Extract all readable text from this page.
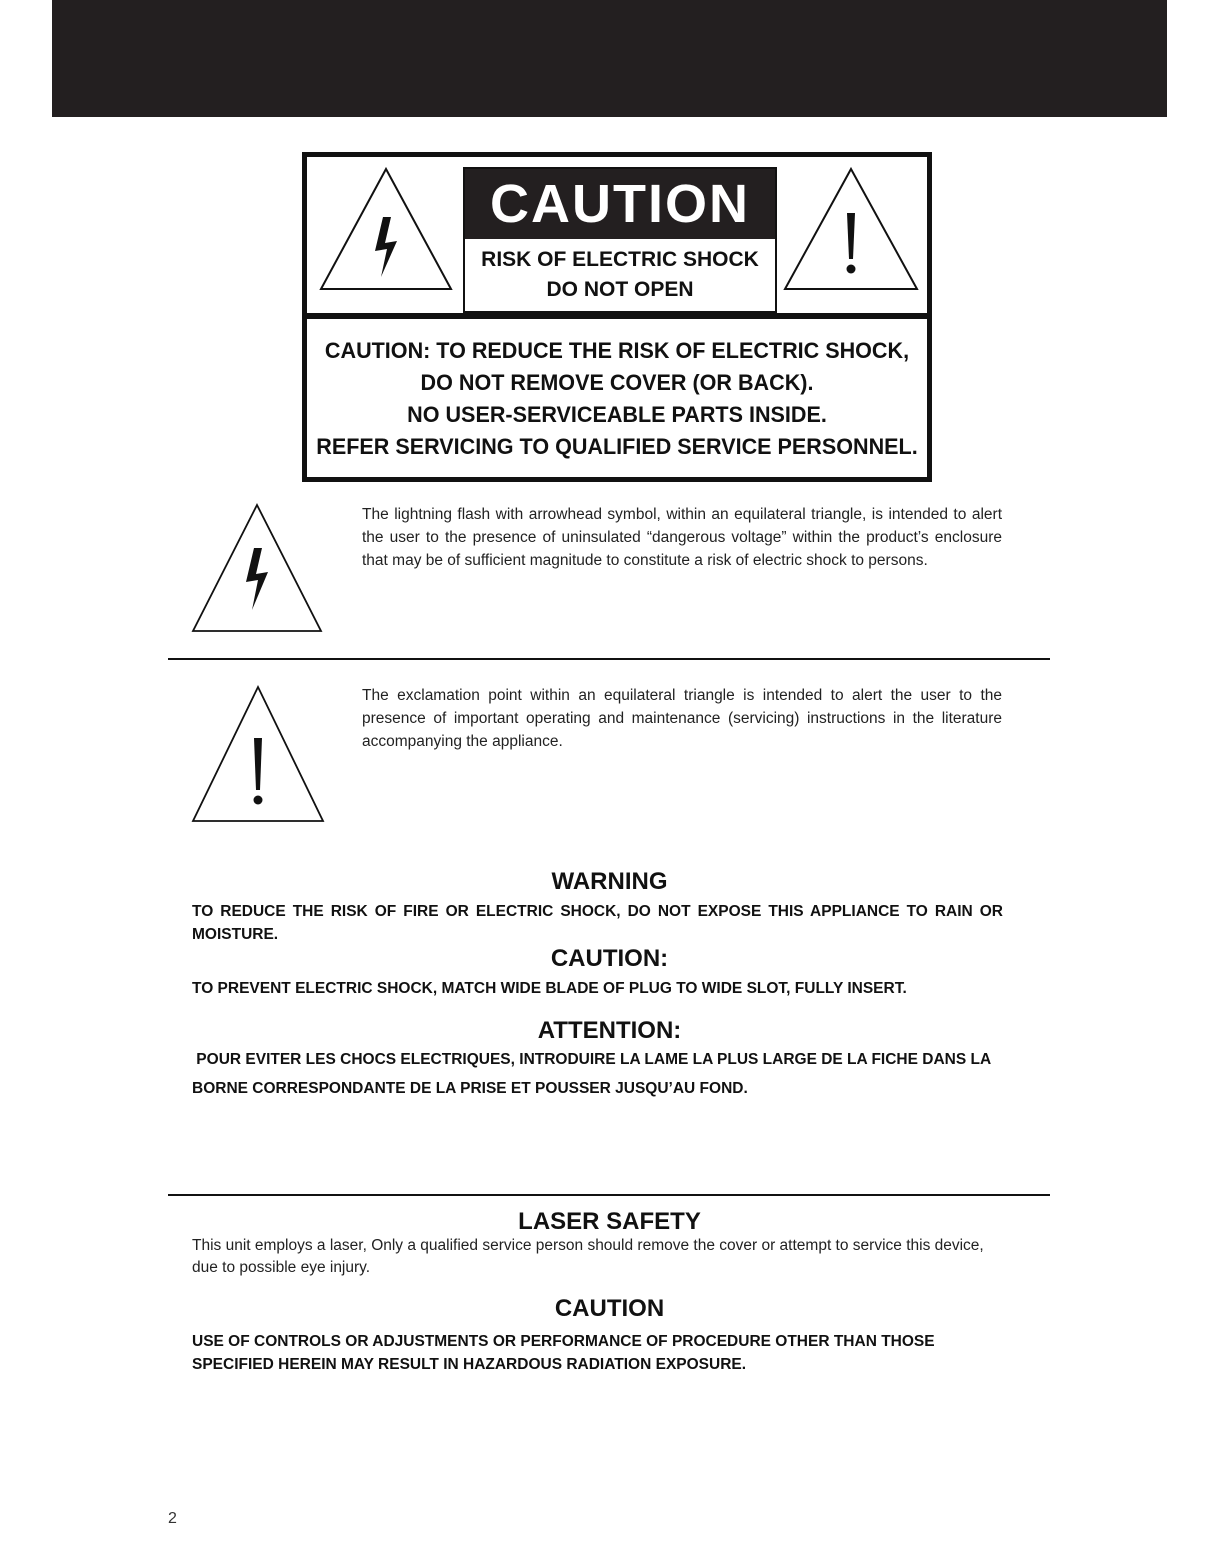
CAUTION
RISK OF ELECTRIC SHOCK
DO NOT OPEN
CAUTION: TO REDUCE THE RISK OF ELECTRIC SHOCK,
DO NOT REMOVE COVER (OR BACK).
NO USER-SERVICEABLE PARTS INSIDE.
REFER SERVICING TO QUALIFIED SERVICE PERSONNEL.
The lightning flash with arrowhead symbol, within an equilateral triangle, is intended to alert the user to the presence of uninsulated “dangerous voltage” within the product’s enclosure that may be of sufficient magnitude to constitute a risk of electric shock to persons.
The exclamation point within an equilateral triangle is intended to alert the user to the presence of important operating and maintenance (servicing) instructions in the literature accompanying the appliance.
WARNING
TO REDUCE THE RISK OF FIRE OR ELECTRIC SHOCK, DO NOT EXPOSE THIS APPLIANCE TO RAIN OR MOISTURE.
CAUTION:
TO PREVENT ELECTRIC SHOCK, MATCH WIDE BLADE OF PLUG TO WIDE SLOT, FULLY INSERT.
ATTENTION:
POUR EVITER LES CHOCS ELECTRIQUES, INTRODUIRE LA LAME LA PLUS LARGE DE LA FICHE DANS LA
BORNE CORRESPONDANTE DE LA PRISE ET POUSSER JUSQU’AU FOND.
LASER SAFETY
This unit employs a laser, Only a qualified service person should remove the cover or attempt to service this device, due to possible eye injury.
CAUTION
USE OF CONTROLS OR ADJUSTMENTS OR PERFORMANCE OF PROCEDURE OTHER THAN THOSE
SPECIFIED HEREIN MAY RESULT IN HAZARDOUS RADIATION EXPOSURE.
2
